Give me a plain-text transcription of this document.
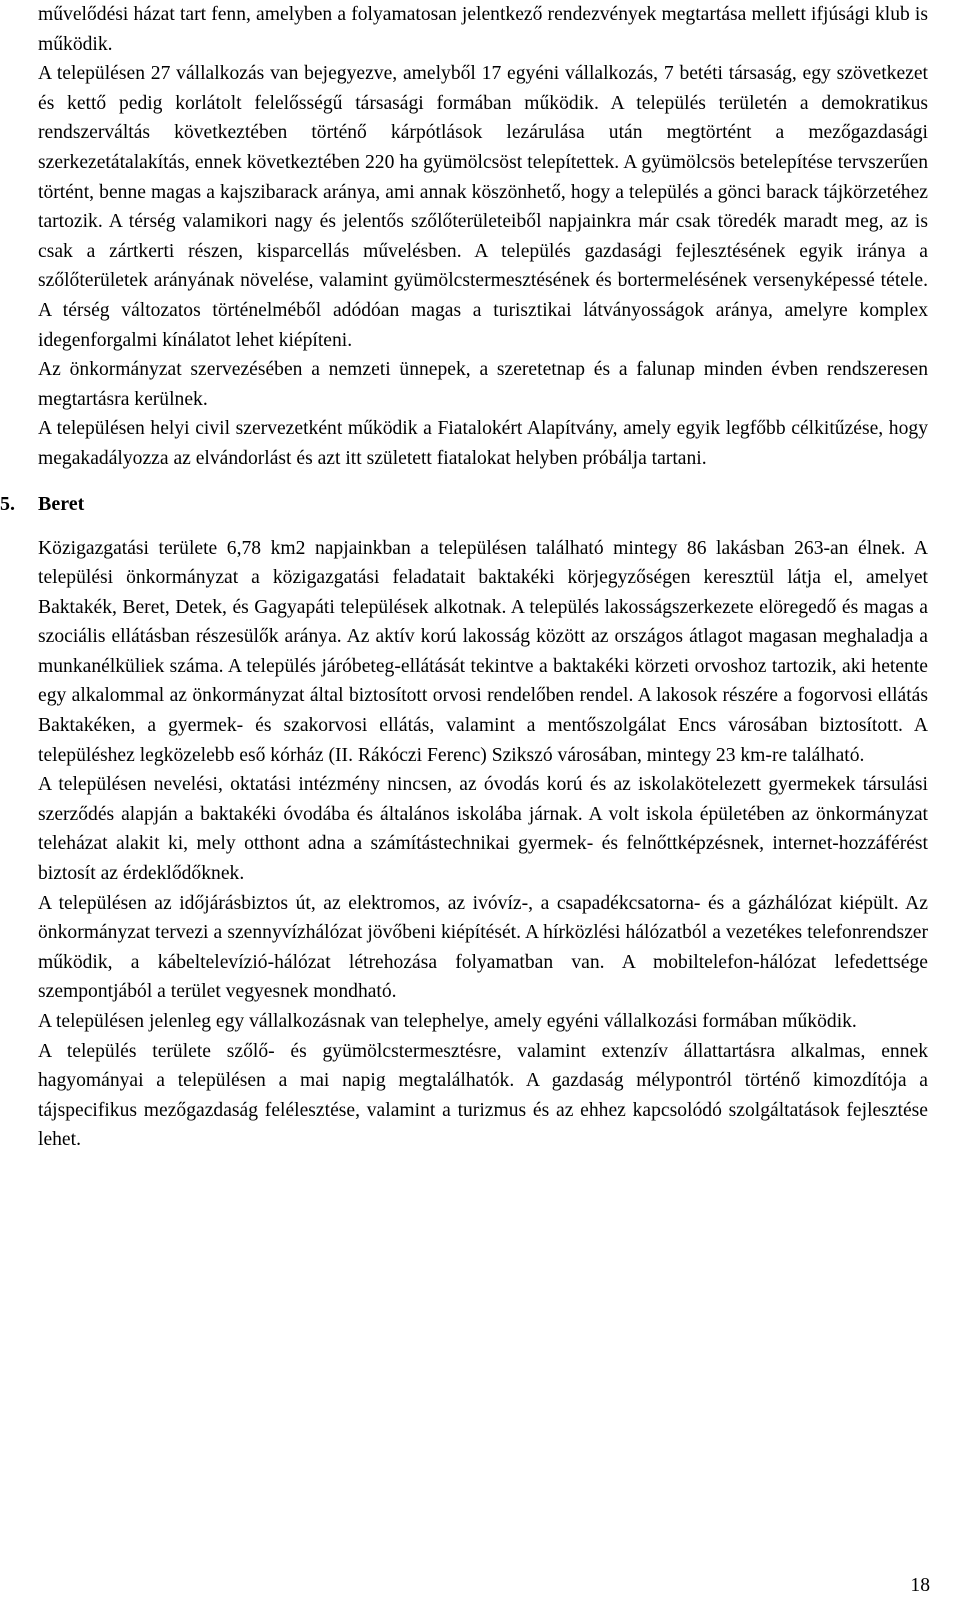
művelődési házat tart fenn, amelyben a folyamatosan jelentkező rendezvények megtartása mellett ifjúsági klub is működik.

A településen 27 vállalkozás van bejegyezve, amelyből 17 egyéni vállalkozás, 7 betéti társaság, egy szövetkezet és kettő pedig korlátolt felelősségű társasági formában működik. A település területén a demokratikus rendszerváltás következtében történő kárpótlások lezárulása után megtörtént a mezőgazdasági szerkezetátalakítás, ennek következtében 220 ha gyümölcsöst telepítettek. A gyümölcsös betelepítése tervszerűen történt, benne magas a kajszibarack aránya, ami annak köszönhető, hogy a település a gönci barack tájkörzetéhez tartozik. A térség valamikori nagy és jelentős szőlőterületeiből napjainkra már csak töredék maradt meg, az is csak a zártkerti részen, kisparcellás művelésben. A település gazdasági fejlesztésének egyik iránya a szőlőterületek arányának növelése, valamint gyümölcstermesztésének és bortermelésének versenyképessé tétele. A térség változatos történelméből adódóan magas a turisztikai látványosságok aránya, amelyre komplex idegenforgalmi kínálatot lehet kiépíteni.

Az önkormányzat szervezésében a nemzeti ünnepek, a szeretetnap és a falunap minden évben rendszeresen megtartásra kerülnek.

A településen helyi civil szervezetként működik a Fiatalokért Alapítvány, amely egyik legfőbb célkitűzése, hogy megakadályozza az elvándorlást és azt itt született fiatalokat helyben próbálja tartani.

5.	Beret

Közigazgatási területe 6,78 km2 napjainkban a településen található mintegy 86 lakásban 263-an élnek. A települési önkormányzat a közigazgatási feladatait baktakéki körjegyzőségen keresztül látja el, amelyet Baktakék, Beret, Detek, és Gagyapáti települések alkotnak. A település lakosságszerkezete elöregedő és magas a szociális ellátásban részesülők aránya. Az aktív korú lakosság között az országos átlagot magasan meghaladja a munkanélküliek száma. A település járóbeteg-ellátását tekintve a baktakéki körzeti orvoshoz tartozik, aki hetente egy alkalommal az önkormányzat által biztosított orvosi rendelőben rendel. A lakosok részére a fogorvosi ellátás Baktakéken, a gyermek- és szakorvosi ellátás, valamint a mentőszolgálat Encs városában biztosított. A településhez legközelebb eső kórház (II. Rákóczi Ferenc) Szikszó városában, mintegy 23 km-re található.

A településen nevelési, oktatási intézmény nincsen, az óvodás korú és az iskolakötelezett gyermekek társulási szerződés alapján a baktakéki óvodába és általános iskolába járnak. A volt iskola épületében az önkormányzat teleházat alakit ki, mely otthont adna a számítástechnikai gyermek- és felnőttképzésnek, internet-hozzáférést biztosít az érdeklődőknek.

A településen az időjárásbiztos út, az elektromos, az ivóvíz-, a csapadékcsatorna- és a gázhálózat kiépült. Az önkormányzat tervezi a szennyvízhálózat jövőbeni kiépítését. A hírközlési hálózatból a vezetékes telefonrendszer működik, a kábeltelevízió-hálózat létrehozása folyamatban van. A mobiltelefon-hálózat lefedettsége szempontjából a terület vegyesnek mondható.

A településen jelenleg egy vállalkozásnak van telephelye, amely egyéni vállalkozási formában működik.

A település területe szőlő- és gyümölcstermesztésre, valamint extenzív állattartásra alkalmas, ennek hagyományai a településen a mai napig megtalálhatók. A gazdaság mélypontról történő kimozdítója a tájspecifikus mezőgazdaság felélesztése, valamint a turizmus és az ehhez kapcsolódó szolgáltatások fejlesztése lehet.

18
